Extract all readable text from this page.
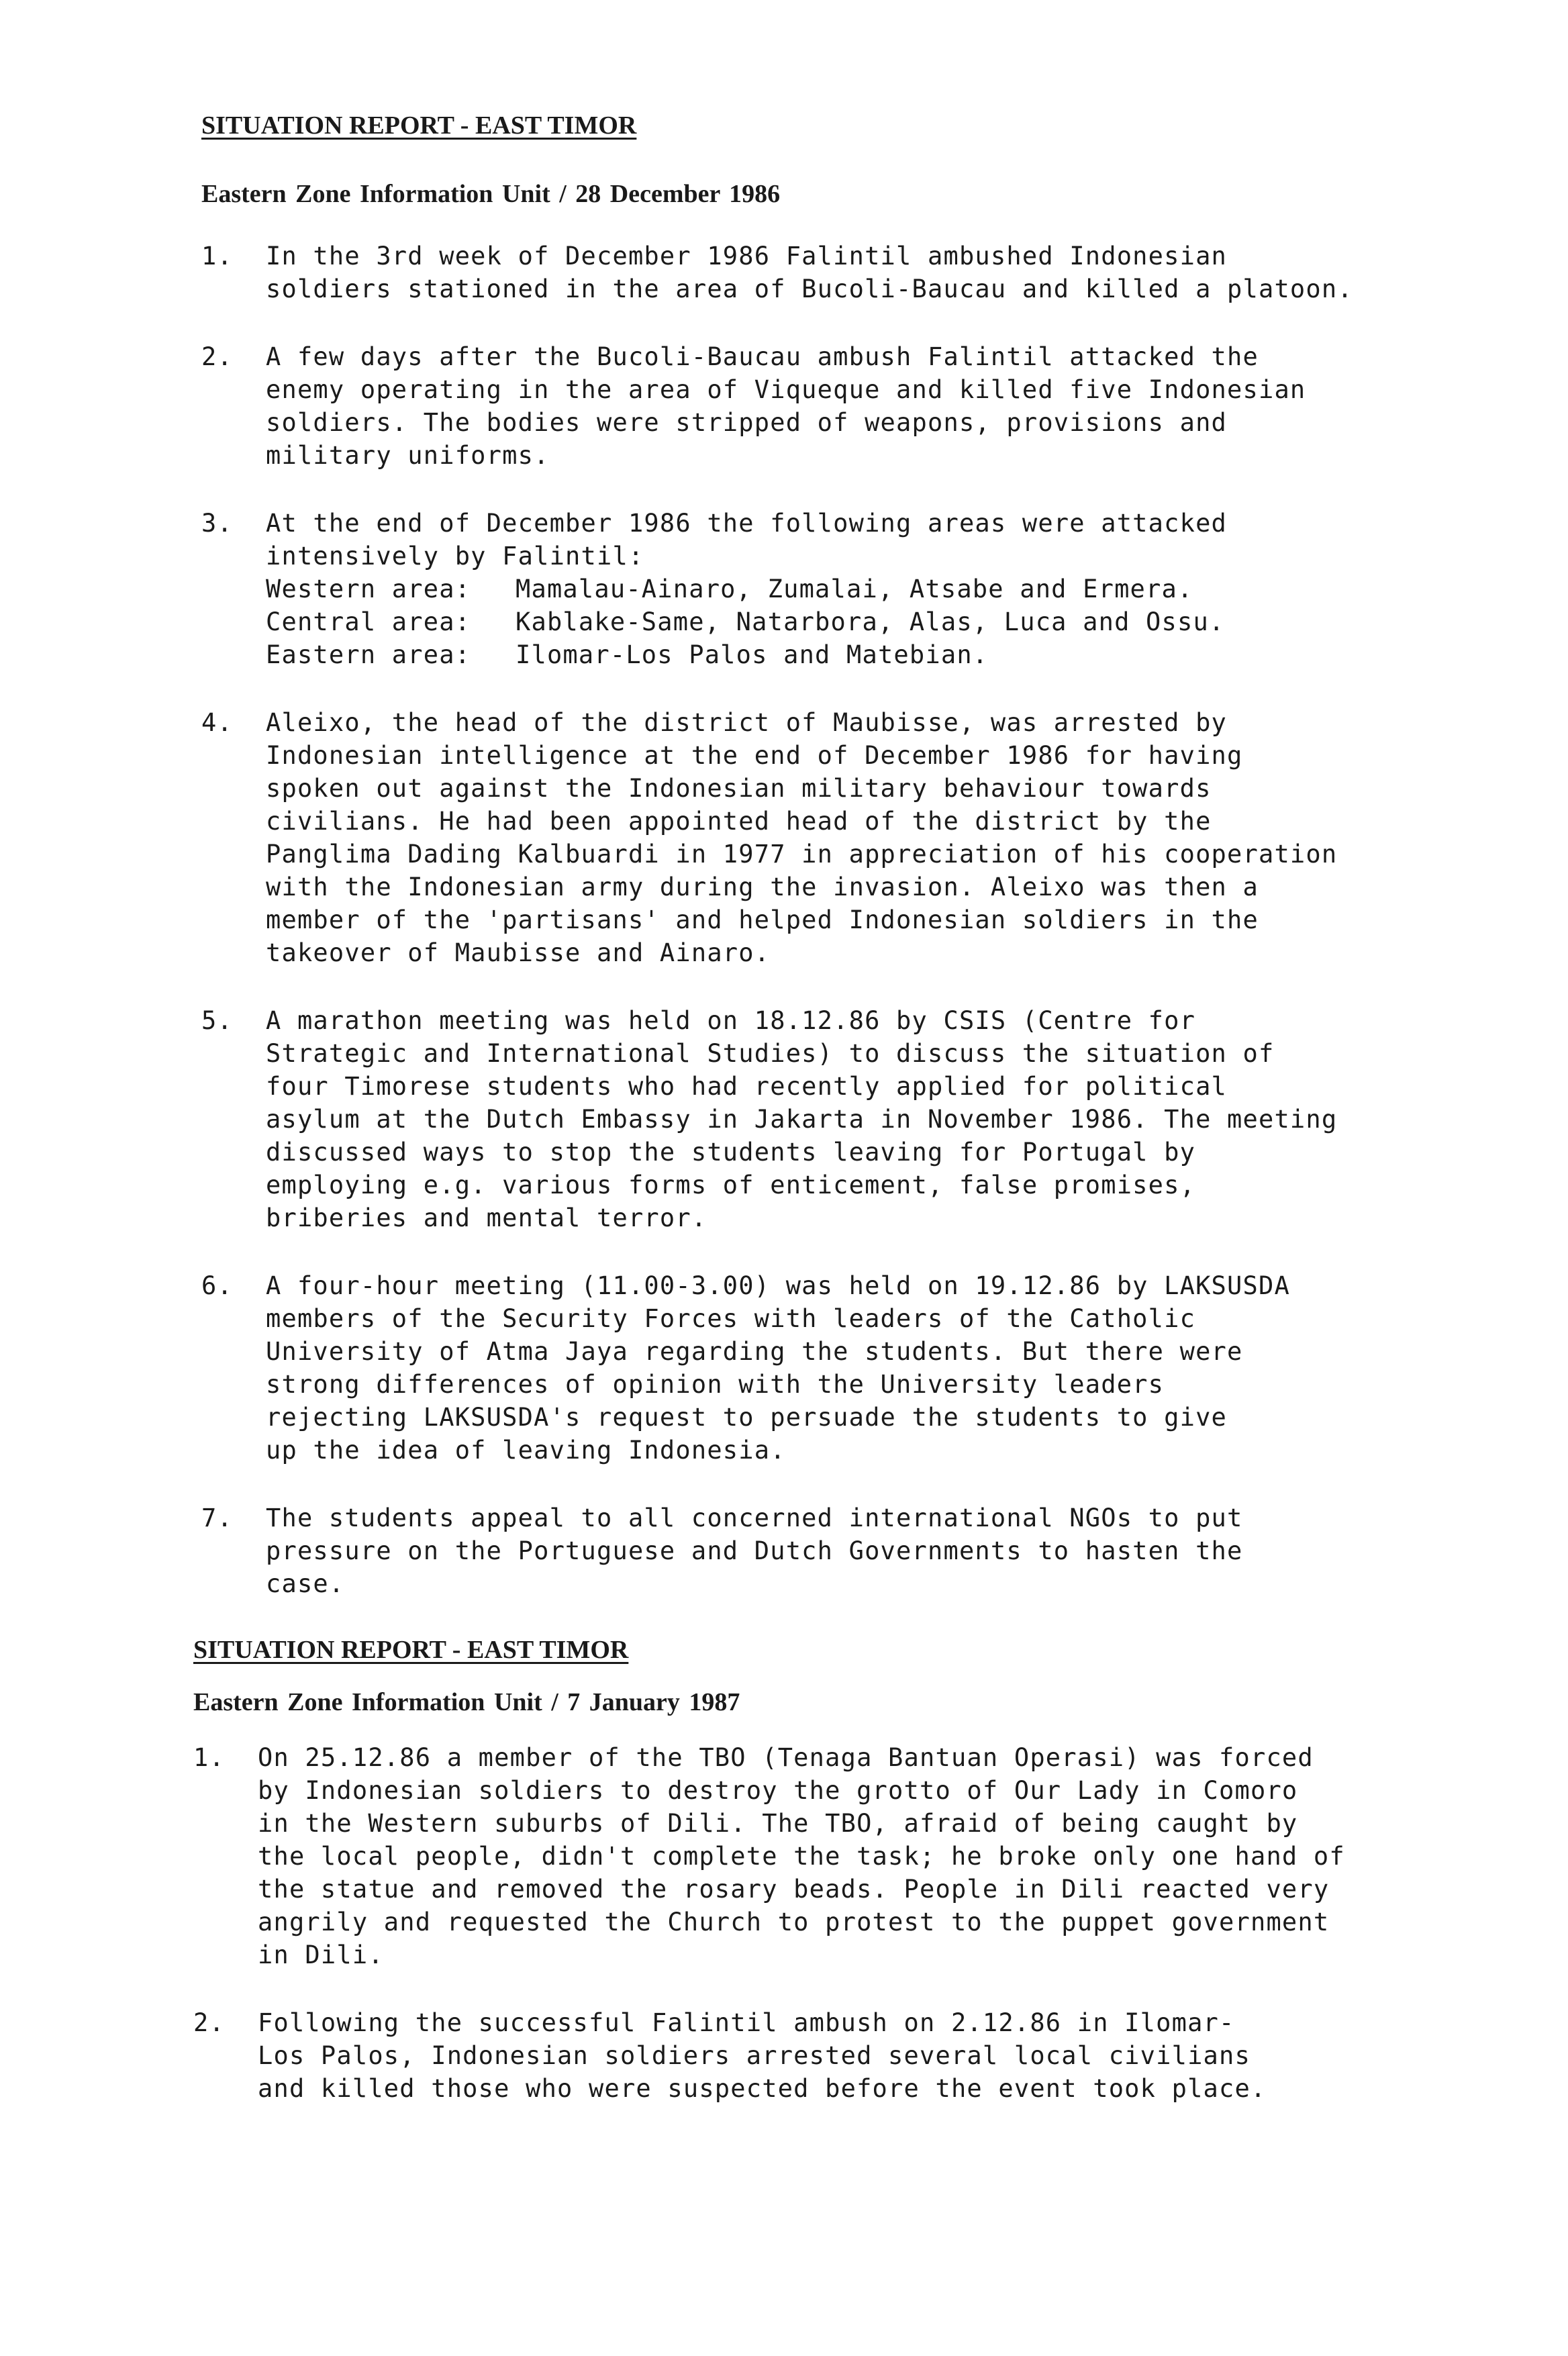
SITUATION REPORT - EAST TIMOR
Eastern Zone Information Unit / 28 December 1986
1. In the 3rd week of December 1986 Falintil ambushed Indonesian
soldiers stationed in the area of Bucoli-Baucau and killed a platoon.
2. A few days after the Bucoli-Baucau ambush Falintil attacked the
enemy operating in the area of Viqueque and killed five Indonesian
soldiers. The bodies were stripped of weapons, provisions and
military uniforms.
3. At the end of December 1986 the following areas were attacked
intensively by Falintil:
Western area:	Mamalau-Ainaro, Zumalai, Atsabe and Ermera.
Central area:	Kablake-Same, Natarbora, Alas, Luca and Ossu.
Eastern area:	Ilomar-Los Palos and Matebian.
4. Aleixo, the head of the district of Maubisse, was arrested by
Indonesian intelligence at the end of December 1986 for having
spoken out against the Indonesian military behaviour towards
civilians. He had been appointed head of the district by the
Panglima Dading Kalbuardi in 1977 in appreciation of his cooperation
with the Indonesian army during the invasion. Aleixo was then a
member of the 'partisans' and helped Indonesian soldiers in the
takeover of Maubisse and Ainaro.
5. A marathon meeting was held on 18.12.86 by CSIS (Centre for
Strategic and International Studies) to discuss the situation of
four Timorese students who had recently applied for political
asylum at the Dutch Embassy in Jakarta in November 1986. The meeting
discussed ways to stop the students leaving for Portugal by
employing e.g. various forms of enticement, false promises,
briberies and mental terror.
6. A four-hour meeting (11.00-3.00) was held on 19.12.86 by LAKSUSDA
members of the Security Forces with leaders of the Catholic
University of Atma Jaya regarding the students. But there were
strong differences of opinion with the University leaders
rejecting LAKSUSDA's request to persuade the students to give
up the idea of leaving Indonesia.
7. The students appeal to all concerned international NGOs to put
pressure on the Portuguese and Dutch Governments to hasten the
case.
SITUATION REPORT - EAST TIMOR
Eastern Zone Information Unit / 7 January 1987
1. On 25.12.86 a member of the TBO (Tenaga Bantuan Operasi) was forced
by Indonesian soldiers to destroy the grotto of Our Lady in Comoro
in the Western suburbs of Dili. The TBO, afraid of being caught by
the local people, didn't complete the task; he broke only one hand of
the statue and removed the rosary beads. People in Dili reacted very
angrily and requested the Church to protest to the puppet government
in Dili.
2. Following the successful Falintil ambush on 2.12.86 in Ilomar-
Los Palos, Indonesian soldiers arrested several local civilians
and killed those who were suspected before the event took place.
